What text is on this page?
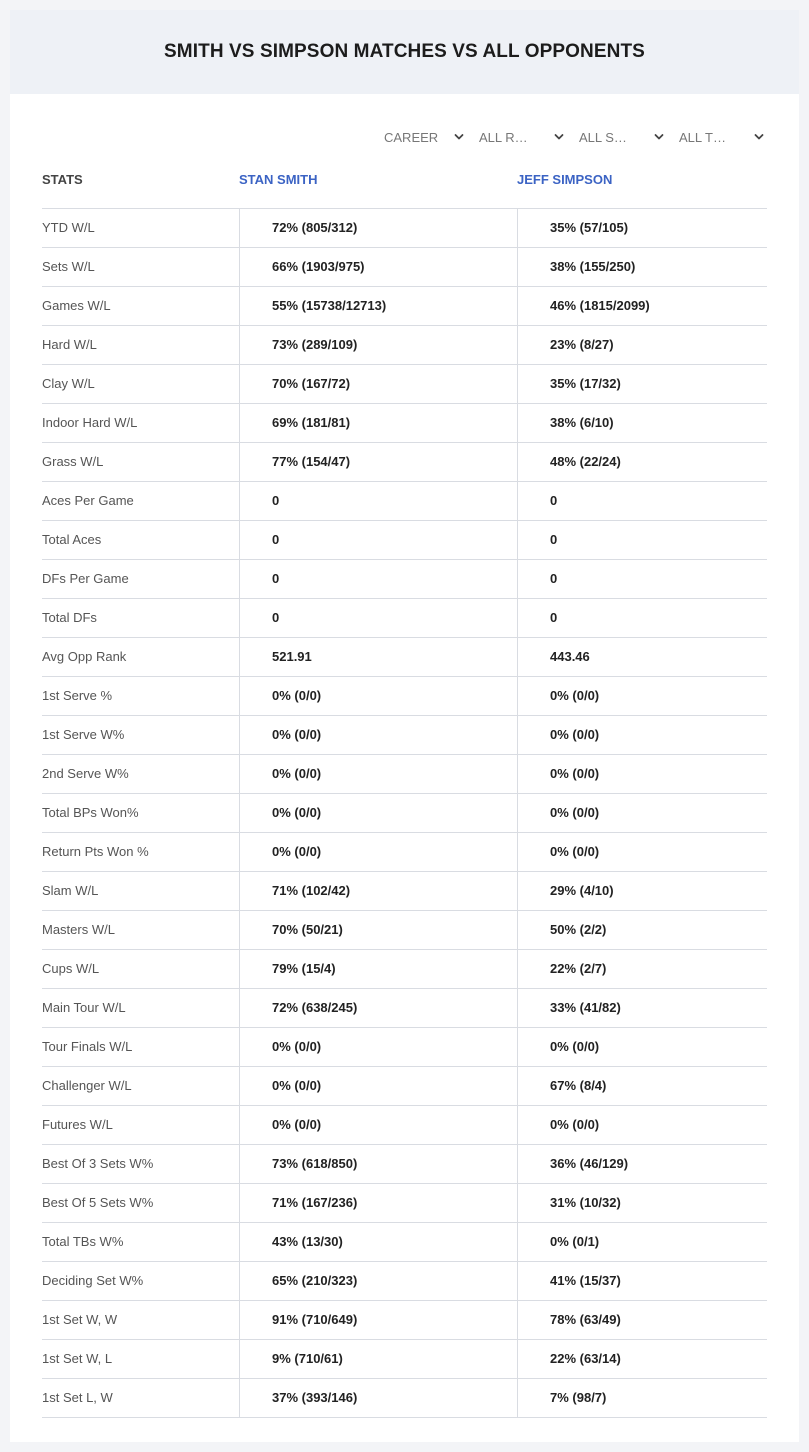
SMITH VS SIMPSON MATCHES VS ALL OPPONENTS
CAREER	ALL R…	ALL S…	ALL T…
STATS	STAN SMITH	JEFF SIMPSON
YTD W/L	72% (805/312)	35% (57/105)
Sets W/L	66% (1903/975)	38% (155/250)
Games W/L	55% (15738/12713)	46% (1815/2099)
Hard W/L	73% (289/109)	23% (8/27)
Clay W/L	70% (167/72)	35% (17/32)
Indoor Hard W/L	69% (181/81)	38% (6/10)
Grass W/L	77% (154/47)	48% (22/24)
Aces Per Game	0	0
Total Aces	0	0
DFs Per Game	0	0
Total DFs	0	0
Avg Opp Rank	521.91	443.46
1st Serve %	0% (0/0)	0% (0/0)
1st Serve W%	0% (0/0)	0% (0/0)
2nd Serve W%	0% (0/0)	0% (0/0)
Total BPs Won%	0% (0/0)	0% (0/0)
Return Pts Won %	0% (0/0)	0% (0/0)
Slam W/L	71% (102/42)	29% (4/10)
Masters W/L	70% (50/21)	50% (2/2)
Cups W/L	79% (15/4)	22% (2/7)
Main Tour W/L	72% (638/245)	33% (41/82)
Tour Finals W/L	0% (0/0)	0% (0/0)
Challenger W/L	0% (0/0)	67% (8/4)
Futures W/L	0% (0/0)	0% (0/0)
Best Of 3 Sets W%	73% (618/850)	36% (46/129)
Best Of 5 Sets W%	71% (167/236)	31% (10/32)
Total TBs W%	43% (13/30)	0% (0/1)
Deciding Set W%	65% (210/323)	41% (15/37)
1st Set W, W	91% (710/649)	78% (63/49)
1st Set W, L	9% (710/61)	22% (63/14)
1st Set L, W	37% (393/146)	7% (98/7)
